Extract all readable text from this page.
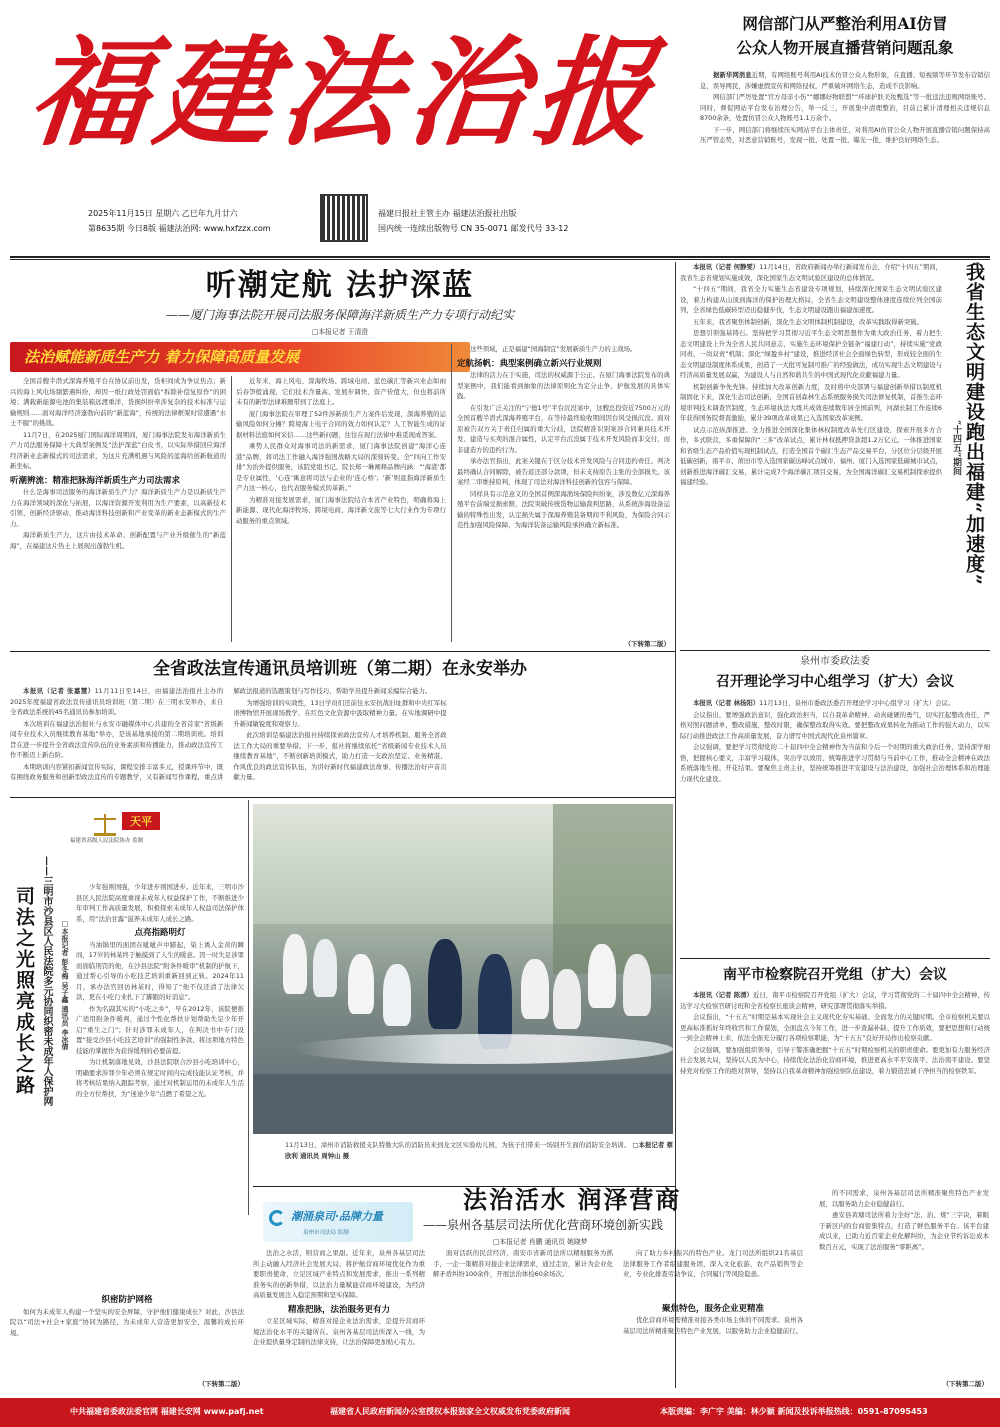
福建法治报
2025年11月15日 星期六 乙巳年九月廿六
第8635期 今日8版 福建法治网: www.hxfzzx.com
福建日报社主管主办 福建法治报社出版
国内统一连续出版物号 CN 35-0071 邮发代号 33-12
网信部门从严整治利用AI仿冒
公众人物开展直播营销问题乱象

据新华网消息近期，有网络账号利用AI技术仿冒公众人物形象，在直播、短视频等环节发布营销信息，误导网民，涉嫌虚假宣传和网络侵权，严重破坏网络生态，造成不良影响。

网信部门严厉处置“官方母亲小伤”“娜娜好物联盟”“环球护肤美妆甄选”等一批违法违规网络账号。同时，督促网站平台发布治理公告，举一反三，开展集中清理整治，目前已累计清理相关违规信息8700余条，处置仿冒公众人物账号1.1万余个。

下一步，网信部门将继续压实网站平台主体责任，对利用AI仿冒公众人物开展直播营销问题保持高压严管态势，对恶意营销账号，发现一批、处置一批、曝光一批，维护良好网络生态。

听潮定航 法护深蓝
——厦门海事法院开展司法服务保障海洋新质生产力专项行动纪实
□本报记者 王清澄
法治赋能新质生产力 着力保障高质量发展

全国首艘半潜式深海养殖平台在协议前出发，货柜间成为争议焦点；新兴的海上风电场频繁遇纠纷，却因一纸行政处罚面临“拆除补偿复原作”的困境；满载新能源电池的集装箱远渡重洋，货损纠纷牵涉复杂的技术标准与运输规则……面对海洋经济蓬勃向前的“新蓝海”，传统的法律框架时常遭遇“水土不服”的挑战。

11月7日，在2025厦门国际海洋周期间，厦门海事法院发布海洋新质生产力司法服务保障十大典型案例及“法护深蓝”白皮书，以实际举措回应海洋经济新业态新模式的司法需求，为这片充满机遇与风险的蓝海给创新航道的新坐标。

听潮辨流：精准把脉海洋新质生产力司法需求

什么是海事司法服务的海洋新质生产力？海洋新质生产力是以新质生产力在海洋领域的深化与拓展，以海洋资源开发利用为生产要素，以高新技术引领，创新经济驱动，推动海洋科技创新和产业变革的新业态新模式的生产力。

海洋新质生产力，这片由技术革命、创新配置与产业升级催生的“新蓝海”，在福建这片热土上展现出蓬勃生机。

近年来，海上风电、深海牧场、跨域电商、蓝色碳汇等新兴业态如雨后春笋般涌现，它们技术含量高、发展步调快、资产价值大，但也将前所未有的新型法律难题带到了法庭上。

厦门海事法院在审理了52件涉新质生产力案件后发现，深海养殖的运输风险如何分摊？跨境海上电子合同的效力如何认定？人工智能生成的证据材料法庭如何采信……这些新问题，往往在现行法律中难觅现成答案。

乘势人民群众对海事司法的新需求，厦门海事法院创建“海洋心连港”品牌，将司法工作融入海洋强国战略大局的深刻转变。全“四向工作安排”为治外提供服务，该院党组书记、院长郑一琳阐释品牌内涵：“‘海港’都是专业属性，‘心连’寓意将司法与企业的‘连心桥’；‘新’则直指海洋新质生产力这一核心，也代表服务模式的革新。”

为精准对接发展需求，厦门海事法院结合本省产业特色，明确将海上新能源、现代化海洋牧场、跨境电商、海洋新文旅等七大行业作为专项行动服务的重点领域。

这些领域，正是福建“园海制宜”发展新质生产力的主战场。

定航扬帆：典型案例确立新兴行业规则

法律的活力在于实施，司法的权威源于公正。在厦门海事法院发布的典型案例中，我们能看到抽象的法律原则化为定分止争、护航发展的具体实践。

在引发广泛关注的“宁德1号”平台沉没案中，这艘总投资近7500万元的全国首艘半潜式深海养殖平台，在等待最终验收期间因台风受损沉没。面对原被告双方关于责任归属的重大分歧，法院精准识别案涉合同兼具技术开发、建造与买卖的混合属性，认定平台沉没属于技术开发风险而非交付，而非建造方的违约行为。

承办法官指出，此案关键在于区分技术开发风险与合同违约责任。判决最终确认合同解除，被告返还部分款项，但未支持原告主张的全部损失。该案经二审维持原判，体现了司法对海洋科技创新的包容与保障。

同样具有示范意义的全国首例深海渔场保险纠纷案，涉及数亿元深海养殖平台前端受损索赔，法院突破传统货物运输裁判思路，从系统涉海设备运输的特殊性出发，认定损失属于深海养殖装备期间不利风险，为保险合同示范性加强风险保障，为海洋装备运输风险承担确立新标准。

（下转第二版）

本报讯（记者 何静雯）11月14日，省政府新闻办举行新闻发布会，介绍“十四五”期间，我省生态省规划实施成效，深化国家生态文明试验区建设的总体情况。

“十四五”期间，我省全力实施生态省建设专项规划，持续深化国家生态文明试验区建设，着力构建从山顶到海洋的保护治理大格局，全省生态文明建设整体速度连续位列全国前列，全省绿色低碳转型迈出稳健步伐，生态文明建设跑出福建加速度。

五年来，我省聚焦体制创新，深化生态文明体制机制建设，改革实践取得新突破。

思想引领强基铸石。坚持把学习贯彻习近平生态文明思想作为重大政治任务，着力把生态文明建设上升为全省人民共同意志，实施生态环境保护全链条“福建行动”，持续实施“党政同责、一岗双责”机制；深化“绿盈乡村”建设，推进经济社会全面绿色转型，形成较全面的生态文明建设制度体系成果，创造了一大批可复制可推广的经验做法，成功实现生态文明建设与经济高质量发展双赢，为建设人与自然和谐共生的中国式现代化贡献福建力量。

机制创新争先先锋。持续加大改革创新力度，及时将中央部署与福建创新举措以制度机制固化下来，深化生态司法创新，全国首创森林生态系统服务损失司法修复机制，首推生态环境审判技术调查官制度，生态环境执法大练兵成效连续数年居全国前列，河湖长制工作连续6年获得国务院督查激励，累计39项改革成果已入选国家改革案例。

试点示范纵深推进。全力推进全国深化集体林权制度改革先行区建设，探索开展多方合作，多式联营，多重保障的“三多”改革试点，累计林权抵押贷款超1.2万亿元。一体推进国家和省级生态产品价值实现机制试点，打造全国首个碳汇生态产品交易平台，分区位分层级开展低碳创新，南平市、莆田市等入选国家碳达峰试点城市，福州、厦门入选国家低碳城市试点，创新推进海洋碳汇交易，累计完成7个海洋碳汇项目交易，为全国海洋碳汇交易机制探索提供福建经验。	我省生态文明建设跑出福建“加速度”
“十四五”期间
全省政法宣传通讯员培训班（第二期）在永安举办

本报讯（记者 张嘉慧）11月11日至14日，由福建法治报社主办的2025年度福建省政法宣传通讯员培训班（第二期）在三明永安举办，来自全省政法系统的45名通讯员参加培训。

本次培训在福建法治报社与永安市融媒体中心共建的全省首家“省级新闻专业技术人员继续教育基地”举办，是该基地承接的第二期培训班。培训旨在进一步提升全省政法宣传队伍的业务素质和传播能力，推动政法宣传工作不断迈上新台阶。

本期培训内容紧扣新闻宣传实际，课程安排丰富多元，授课环节中，既有围绕政务服务和创新型政法宣传的专题教学，又有新闻写作课程，重点讲解政法报道的选题策划与写作技巧，帮助学员提升新闻采编综合能力。

为增强培训的实效性，13日学员们还前往永安抗战旧址群和中央红军标语博物馆开展现场教学，在红色文化资源中汲取精神力量。在实地调研中提升新闻敏锐度和观察力。

此次培训是福建法治报社持续探索政法宣传人才培养机制、服务全省政法工作大局的重要举措。下一步，报社将继续依托“省级新闻专业技术人员继续教育基地”，不断创新培训模式，助力打造一支政治坚定、业务精湛、作风优良的政法宣传队伍，为讲好新时代福建政法故事、传播法治好声音贡献力量。

泉州市委政法委
召开理论学习中心组学习（扩大）会议

本报讯（记者 林扬阳）11月13日，泉州市委政法委召开理论学习中心组学习（扩大）会议。

会议指出，要增强政治意识，强化政治担当，以自我革命精神、动真碰硬的勇气，切实扛起整改责任，严格对照问题清单，整改措施，整改时限，确保整改取得实效。要把整改成果转化为推动工作的强大动力，以实际行动推进政法工作高质量发展，奋力谱写中国式现代化泉州篇章。

会议强调，要把学习贯彻党的二十届四中全会精神作为当前和今后一个时期的重大政治任务，坚持深学细悟，把握核心要义，丰富学习载体，突出学以致用，统筹推进学习贯彻与当前中心工作，推动全会精神在政法系统落地生根、开花结果。要聚焦主责主业，坚持统筹推进平安建设与法治建设，加强社会治理体系和治理能力现代化建设。

南平市检察院召开党组（扩大）会议

本报讯（记者 陈清）近日，南平市检察院召开党组（扩大）会议，学习贯彻党的二十届四中全会精神，传达学习大检察官研讨班和全省检察长座谈会精神，研究部署贯彻落实举措。

会议指出，“十五五”时期是基本实现社会主义现代化夯实基础、全面发力的关键时期。全市检察机关要以更高标准抓好年终收官和工作谋划，全面盘点今年工作，进一步查漏补缺、提升工作质效，要把思想和行动统一到全会精神上来，依法全面充分履行各项检察职能，为“十五五”良好开局作出检察贡献。

会议强调，要加强组织领导，引导干警准确把握“十五五”时期检察机关的职责使命。要更加有力服务经济社会发展大局，坚持以人民为中心，持续优化法治化营商环境，推进更高水平平安南平、法治南平建设。要坚持党对检察工作的绝对领导，坚持以自我革命精神加强检察队伍建设，着力锻造忠诚干净担当的检察铁军。

天平
福建省高级人民法院协办 监制
司法之光照亮成长之路 ——三明市沙县区人民法院多元协同织密未成年人保护网 □本报记者 彭冬梅 吴子鑫 通讯员 李冰倩

少年强则国强，少年进步则国进步。近年来，三明市沙县区人民法院高度重视未成年人权益保护工作，不断推进少年审判工作高质量发展，积极探索未成年人权益司法保护体系，用“法治甘露”滋养未成年人成长之路。

点亮指路明灯

当油锅里的面团在呲呲声中膨起，染上诱人金黄的瞬间，17岁的林某终于触摸到了人生的暖意。因一时失足涉罪而面临刑罚的他，在沙县法院“附条件暖审”机制的护航下，通过帮心引导的小吃技艺培训重新回到正轨。2024年11月，承办法官回访林某时，得知了“他不仅还清了法律欠款，更在小吃行业扎下了脚跟的好消息”。

作为名副其实的“小吃之乡”，早在2012年，该院便推广适用附条件暖判，通过个性化帮扶计划帮助失足少年开启“重生之门”；针对涉罪未成年人，在判决书中专门设置“接受沙县小吃技艺培训”的强制性条款，将这项地方特色技能的掌握作为获得缓刑的必要前提。

为让机制落地见效，沙县法院联合沙县小吃培训中心，明确要求涉罪少年必须在规定时间内完成技能认证考核，并将考核结果纳入跟踪考察，通过对机制运用的未成年人生活的全方位帮扶，为“迷途少年”点燃了希望之光。

织密防护网格

如何为未成年人构建一个坚实的安全屏障，守护他们健康成长？对此，沙县法院以“司法+社会+家庭”协同为路径，为未成年人营造更加安全、温馨的成长环境。

（下转第二版）
11月13日，漳州市消防救援支队特勤大队的消防员来到龙文区实验幼儿园，为孩子们带来一场别开生面的消防安全培训。 □本报记者 蔡欣利 通讯员 周钟山 摄
潮涌泉司·品牌力量
泉州市司法局 监制
法治活水 润泽营商
——泉州各基层司法所优化营商环境创新实践
□本报记者 肖鹏 通讯员 姚晓梦

法治之水活，则营商之果甜。近年来，泉州各基层司法所主动融入经济社会发展大局，将护航营商环境优化作为重要职责使命，立足区域产业特点和发展需求，推出一系列精准务实的创新举措，以法治力量赋能营商环境建设，为经济高质量发展注入稳定预期和坚实保障。

精准把脉，法治服务更有力

立足区域实际，精准对接企业法治需求，是提升营商环境法治化水平的关键所在。泉州各基层司法所深入一线，为企业提供量身定制的法律支持，让法治保障更加贴心有力。

面对活跃的民营经济，南安市省新司法所以精细服务为抓手，一企一策精准对接企业法律需求，通过走访，累计为企业化解矛盾纠纷100余件，开展法治体检60余场次。

向了助力乡村振兴的特色产业。龙门司法所组织21名基层法律服务工作者组建服务团，深入文化旅游、农产品销售等企业，专业化排查劳动争议、合同履行等风险隐患。

聚焦特色，服务企业更精准

优化营商环境需精准对接各类市场主体的不同需求。泉州各基层司法所精准聚焦特色产业发展，以服务助力企业稳健前行。

的不同需求，泉州各基层司法所精准聚焦特色产业发展，以服务助力企业稳健前行。

惠安县黄塘司法所着力全好“法、治、规”三字诀，着眼于新区内的台商密集特点，打造了鲜色服务平台。该平台建成以来，已助力近百家企业化解纠纷，为企业节约诉讼成本数百万元，实现了法治服务“零距离”。

（下转第二版）
中共福建省委政法委官网 福建长安网 www.pafj.net	福建省人民政府新闻办公室授权本报独家全文权威发布党委政府新闻	本版责编：李广宇 美编：林少颖 新闻及投诉举报热线：0591-87095453
